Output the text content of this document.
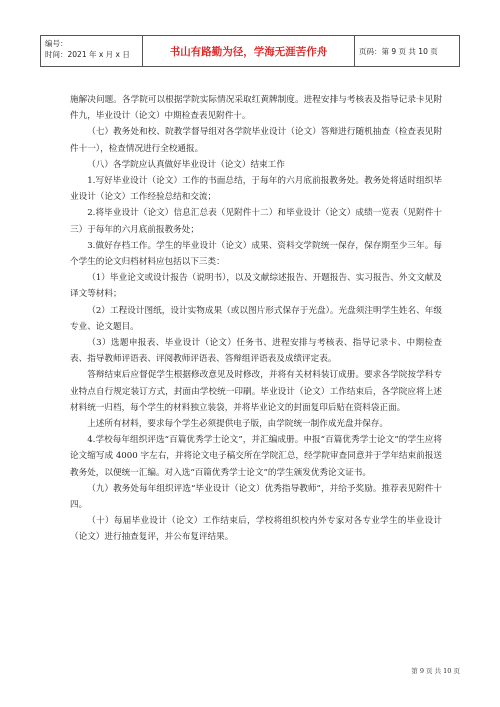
编号：
时间：2021 年 x 月 x 日	书山有路勤为径，学海无涯苦作舟	页码：第 9 页 共 10 页

施解决问题。各学院可以根据学院实际情况采取红黄牌制度。进程安排与考核表及指导记录卡见附件九，毕业设计（论文）中期检查表见附件十。

（七）教务处和校、院教学督导组对各学院毕业设计（论文）答辩进行随机抽查（检查表见附件十一），检查情况进行全校通报。

（八）各学院应认真做好毕业设计（论文）结束工作

1.写好毕业设计（论文）工作的书面总结，于每年的六月底前报教务处。教务处将适时组织毕业设计（论文）工作经验总结和交流；

2.将毕业设计（论文）信息汇总表（见附件十二）和毕业设计（论文）成绩一览表（见附件十三）于每年的六月底前报教务处；

3.做好存档工作。学生的毕业设计（论文）成果、资料交学院统一保存，保存期至少三年。每个学生的论文归档材料应包括以下三类：

（1）毕业论文或设计报告（说明书），以及文献综述报告、开题报告、实习报告、外文文献及译文等材料；

（2）工程设计图纸，设计实物成果（或以图片形式保存于光盘）。光盘须注明学生姓名、年级专业、论文题目。

（3）选题申报表、毕业设计（论文）任务书、进程安排与考核表、指导记录卡、中期检查表、指导教师评语表、评阅教师评语表、答辩组评语表及成绩评定表。

答辩结束后应督促学生根据修改意见及时修改，并将有关材料装订成册。要求各学院按学科专业特点自行规定装订方式，封面由学校统一印刷。毕业设计（论文）工作结束后，各学院应将上述材料统一归档，每个学生的材料独立装袋，并将毕业论文的封面复印后贴在资料袋正面。

上述所有材料，要求每个学生必须提供电子版，由学院统一制作成光盘并保存。

4.学校每年组织评选“百篇优秀学士论文”，并汇编成册。申报“百篇优秀学士论文”的学生应将论文缩写成 4000 字左右，并将论文电子稿交所在学院汇总，经学院审查同意并于学年结束前报送教务处，以便统一汇编。对入选“百篇优秀学士论文”的学生颁发优秀论文证书。

（九）教务处每年组织评选“毕业设计（论文）优秀指导教师”，并给予奖励。推荐表见附件十四。

（十）每届毕业设计（论文）工作结束后，学校将组织校内外专家对各专业学生的毕业设计（论文）进行抽查复评，并公布复评结果。

第 9 页 共 10 页
